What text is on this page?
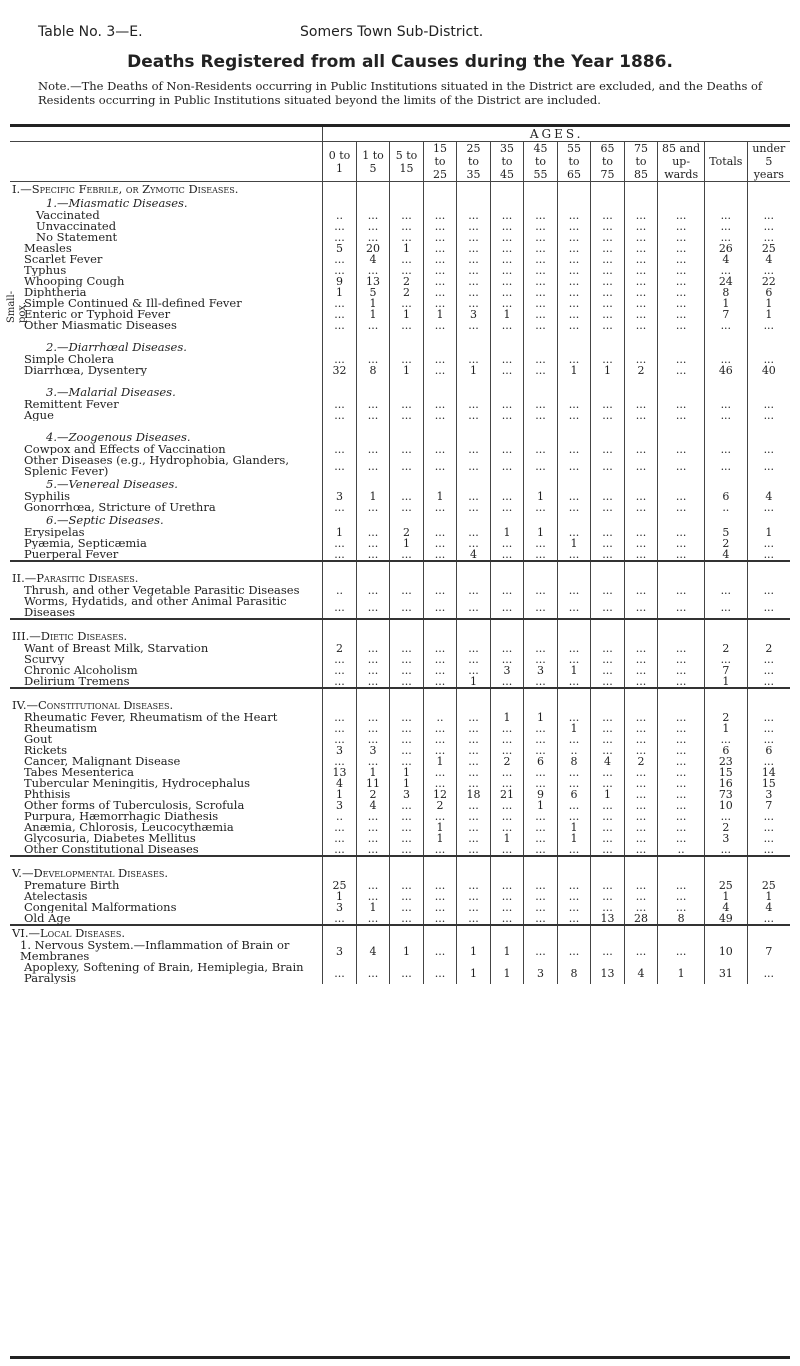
Table No. 3—E.	Somers Town Sub-District.
Deaths Registered from all Causes during the Year 1886.
Note.—The Deaths of Non-Residents occurring in Public Institutions situated in the District are excluded, and the Deaths of Residents occurring in Public Institutions situated beyond the limits of the District are included.
Small-pox.
	AGES.												
	0 to 1	1 to 5	5 to 15	15 to 25	25 to 35	35 to 45	45 to 55	55 to 65	65 to 75	75 to 85	85 and up-wards	Totals	under 5 years
I.—Specific Febrile, or Zymotic Diseases.													
1.—Miasmatic Diseases.													
Vaccinated	..	...	...	...	...	...	...	...	...	...	...	...	...
Unvaccinated	...	...	...	...	...	...	...	...	...	...	...	...	...
No Statement	...	...	...	...	...	...	...	...	...	...	...	...	...
Measles	5	20	1	...	...	...	...	...	...	...	...	26	25
Scarlet Fever	...	4	...	...	...	...	...	...	...	...	...	4	4
Typhus	...	...	...	...	...	...	...	...	...	...	...	...	...
Whooping Cough	9	13	2	...	...	...	...	...	...	...	...	24	22
Diphtheria	1	5	2	...	...	...	...	...	...	...	...	8	6
Simple Continued & Ill-defined Fever	...	1	...	...	...	...	...	...	...	...	...	1	1
Enteric or Typhoid Fever	...	1	1	1	3	1	...	...	...	...	...	7	1
Other Miasmatic Diseases	...	...	...	...	...	...	...	...	...	...	...	...	...

2.—Diarrhœal Diseases.													
Simple Cholera	...	...	...	...	...	...	...	...	...	...	...	...	...
Diarrhœa, Dysentery	32	8	1	...	1	...	...	1	1	2	...	46	40

3.—Malarial Diseases.													
Remittent Fever	...	...	...	...	...	...	...	...	...	...	...	...	...
Ague	...	...	...	...	...	...	...	...	...	...	...	...	...

4.—Zoogenous Diseases.													
Cowpox and Effects of Vaccination	...	...	...	...	...	...	...	...	...	...	...	...	...
Other Diseases (e.g., Hydrophobia, Glanders, Splenic Fever)	...	...	...	...	...	...	...	...	...	...	...	...	...
5.—Venereal Diseases.													
Syphilis	3	1	...	1	...	...	1	...	...	...	...	6	4
Gonorrhœa, Stricture of Urethra	...	...	...	...	...	...	...	...	...	...	...	..	...
6.—Septic Diseases.													
Erysipelas	1	...	2	...	...	1	1	...	...	...	...	5	1
Pyæmia, Septicæmia	...	...	1	...	...	...	...	1	...	...	...	2	...
Puerperal Fever	...	...	...	...	4	...	...	...	...	...	...	4	...

II.—Parasitic Diseases.													
Thrush, and other Vegetable Parasitic Diseases	..	...	...	...	...	...	...	...	...	...	...	...	...
Worms, Hydatids, and other Animal Parasitic Diseases	...	...	...	...	...	...	...	...	...	...	...	...	...

III.—Dietic Diseases.													
Want of Breast Milk, Starvation	2	...	...	...	...	...	...	...	...	...	...	2	2
Scurvy	...	...	...	...	...	...	...	...	...	...	...	...	...
Chronic Alcoholism	...	...	...	...	...	3	3	1	...	...	...	7	...
Delirium Tremens	...	...	...	...	1	...	...	...	...	...	...	1	...

IV.—Constitutional Diseases.													
Rheumatic Fever, Rheumatism of the Heart	...	...	...	..	...	1	1	...	...	...	...	2	...
Rheumatism	...	...	...	...	...	...	...	1	...	...	...	1	...
Gout	...	...	...	...	...	...	...	...	...	...	...	...	...
Rickets	3	3	...	...	...	...	...	..	...	...	...	6	6
Cancer, Malignant Disease	...	...	...	1	...	2	6	8	4	2	...	23	...
Tabes Mesenterica	13	1	1	...	...	...	...	...	...	...	...	15	14
Tubercular Meningitis, Hydrocephalus	4	11	1	...	...	...	...	...	...	...	...	16	15
Phthisis	1	2	3	12	18	21	9	6	1	...	...	73	3
Other forms of Tuberculosis, Scrofula	3	4	...	2	...	...	1	...	...	...	...	10	7
Purpura, Hæmorrhagic Diathesis	..	...	...	...	...	...	...	...	...	...	...	...	...
Anæmia, Chlorosis, Leucocythæmia	...	...	...	1	...	...	...	1	...	...	...	2	...
Glycosuria, Diabetes Mellitus	...	...	...	1	...	1	...	1	...	...	...	3	...
Other Constitutional Diseases	...	...	...	...	...	...	...	...	...	...	..	...	...

V.—Developmental Diseases.													
Premature Birth	25	...	...	...	...	...	...	...	...	...	...	25	25
Atelectasis	1	...	...	...	...	...	...	...	...	...	...	1	1
Congenital Malformations	3	1	...	...	...	...	...	...	...	...	...	4	4
Old Age	...	...	...	...	...	...	...	...	13	28	8	49	...
VI.—Local Diseases.													
1. Nervous System.—Inflammation of Brain or Membranes	3	4	1	...	1	1	...	...	...	...	...	10	7
Apoplexy, Softening of Brain, Hemiplegia, Brain Paralysis	...	...	...	...	1	1	3	8	13	4	1	31	...
